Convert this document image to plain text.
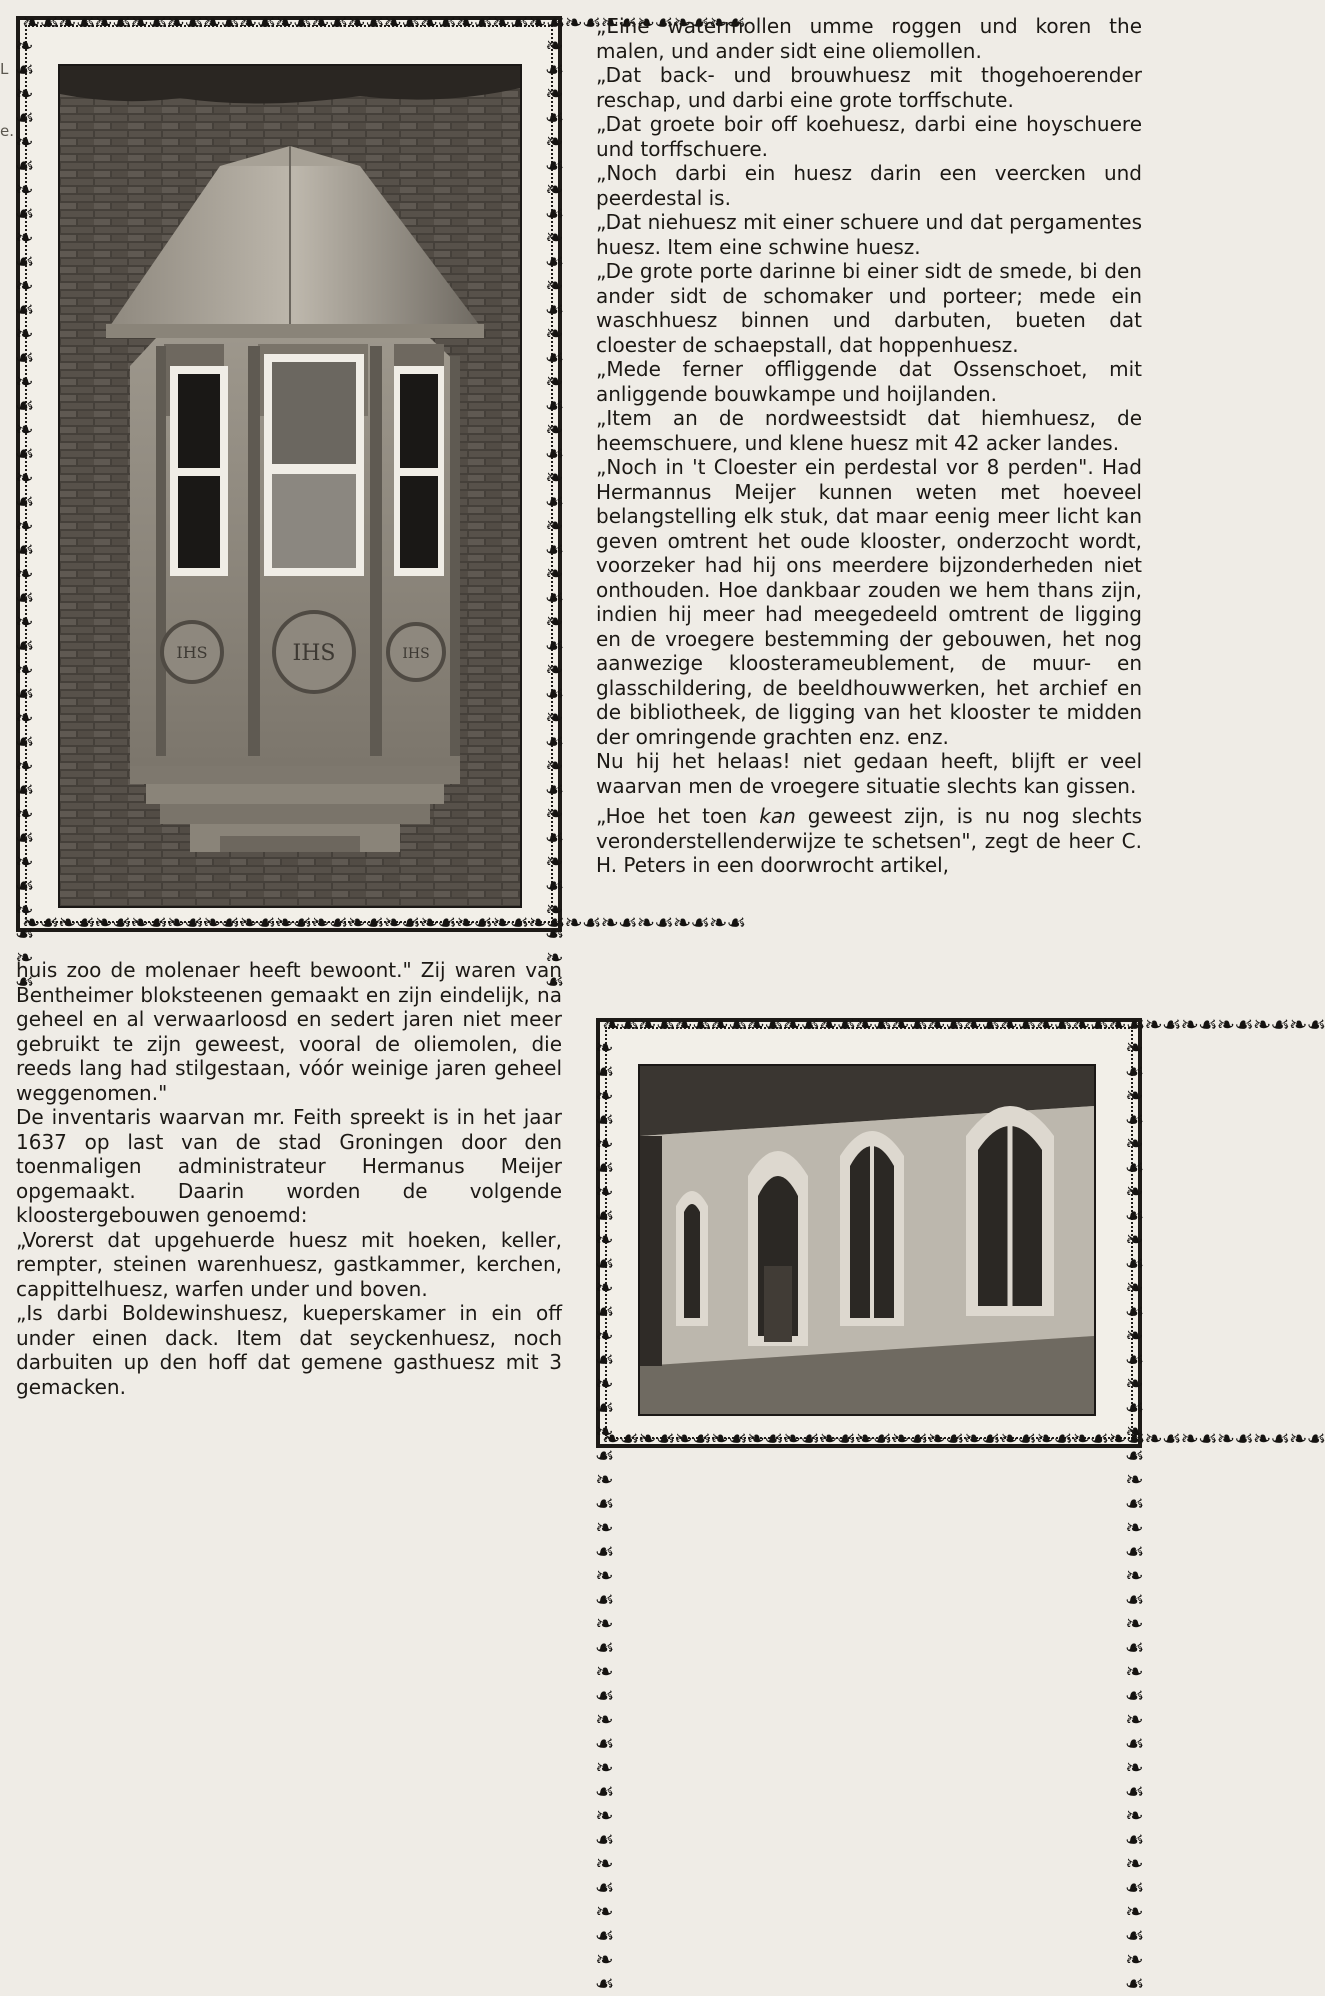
L
e.
❧☙❧☙❧☙❧☙❧☙❧☙❧☙❧☙❧☙❧☙❧☙❧☙❧☙❧☙❧☙❧☙❧☙❧☙❧☙❧☙
❧☙❧☙❧☙❧☙❧☙❧☙❧☙❧☙❧☙❧☙❧☙❧☙❧☙❧☙❧☙❧☙❧☙❧☙❧☙❧☙
❧☙❧☙❧☙❧☙❧☙❧☙❧☙❧☙❧☙❧☙❧☙❧☙❧☙❧☙❧☙❧☙❧☙❧☙❧☙❧☙	❧☙❧☙❧☙❧☙❧☙❧☙❧☙❧☙❧☙❧☙❧☙❧☙❧☙❧☙❧☙❧☙❧☙❧☙❧☙❧☙
IHS	IHS	IHS
❧☙❧☙❧☙❧☙❧☙❧☙❧☙❧☙❧☙❧☙❧☙❧☙❧☙❧☙❧☙❧☙❧☙❧☙❧☙❧☙
❧☙❧☙❧☙❧☙❧☙❧☙❧☙❧☙❧☙❧☙❧☙❧☙❧☙❧☙❧☙❧☙❧☙❧☙❧☙❧☙
❧☙❧☙❧☙❧☙❧☙❧☙❧☙❧☙❧☙❧☙❧☙❧☙❧☙❧☙❧☙❧☙❧☙❧☙❧☙❧☙	❧☙❧☙❧☙❧☙❧☙❧☙❧☙❧☙❧☙❧☙❧☙❧☙❧☙❧☙❧☙❧☙❧☙❧☙❧☙❧☙

„Eine watermollen umme roggen und koren the malen, und ander sidt eine oliemollen.

„Dat back- und brouwhuesz mit thogehoerender reschap, und darbi eine grote torffschute.

„Dat groete boir off koehuesz, darbi eine hoyschuere und torffschuere.

„Noch darbi ein huesz darin een veercken und peerdestal is.

„Dat niehuesz mit einer schuere und dat pergamentes huesz. Item eine schwine huesz.

„De grote porte darinne bi einer sidt de smede, bi den ander sidt de schomaker und porteer; mede ein waschhuesz binnen und darbuten, bueten dat cloester de schaepstall, dat hoppenhuesz.

„Mede ferner offliggende dat Ossenschoet, mit anliggende bouwkampe und hoijlanden.

„Item an de nordweestsidt dat hiemhuesz, de heemschuere, und klene huesz mit 42 acker landes.

„Noch in 't Cloester ein perdestal vor 8 perden". Had Hermannus Meijer kunnen weten met hoeveel belangstelling elk stuk, dat maar eenig meer licht kan geven omtrent het oude klooster, onderzocht wordt, voorzeker had hij ons meerdere bijzonderheden niet onthouden. Hoe dankbaar zouden we hem thans zijn, indien hij meer had meegedeeld omtrent de ligging en de vroegere bestemming der gebouwen, het nog aanwezige kloosterameublement, de muur- en glasschildering, de beeldhouwwerken, het archief en de bibliotheek, de ligging van het klooster te midden der omringende grachten enz. enz.

Nu hij het helaas! niet gedaan heeft, blijft er veel waarvan men de vroegere situatie slechts kan gissen.

„Hoe het toen kan geweest zijn, is nu nog slechts veronderstellenderwijze te schetsen", zegt de heer C. H. Peters in een doorwrocht artikel,

huis zoo de molenaer heeft bewoont." Zij waren van Bentheimer bloksteenen gemaakt en zijn eindelijk, na geheel en al verwaarloosd en sedert jaren niet meer gebruikt te zijn geweest, vooral de oliemolen, die reeds lang had stilgestaan, vóór weinige jaren geheel weggenomen."

De inventaris waarvan mr. Feith spreekt is in het jaar 1637 op last van de stad Groningen door den toenmaligen administrateur Hermanus Meijer opgemaakt. Daarin worden de volgende kloostergebouwen genoemd:

„Vorerst dat upgehuerde huesz mit hoeken, keller, rempter, steinen warenhuesz, gastkammer, kerchen, cappittelhuesz, warfen under und boven.

„Is darbi Boldewinshuesz, kueperskamer in ein off under einen dack. Item dat seyckenhuesz, noch darbuiten up den hoff dat gemene gasthuesz mit 3 gemacken.
